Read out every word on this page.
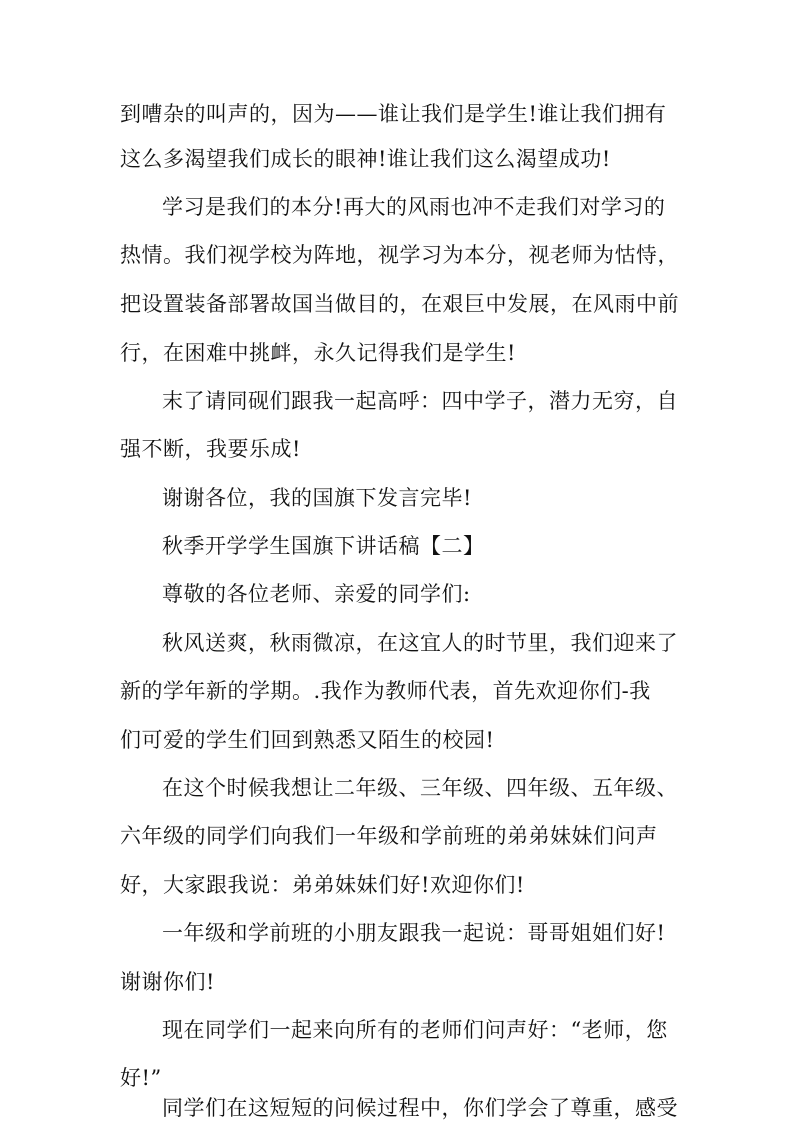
到嘈杂的叫声的，因为——谁让我们是学生!谁让我们拥有
这么多渴望我们成长的眼神!谁让我们这么渴望成功!
学习是我们的本分!再大的风雨也冲不走我们对学习的
热情。我们视学校为阵地，视学习为本分，视老师为怙恃，
把设置装备部署故国当做目的，在艰巨中发展，在风雨中前
行，在困难中挑衅，永久记得我们是学生!
末了请同砚们跟我一起高呼：四中学子，潜力无穷，自
强不断，我要乐成!
谢谢各位，我的国旗下发言完毕!
秋季开学学生国旗下讲话稿【二】
尊敬的各位老师、亲爱的同学们:
秋风送爽，秋雨微凉，在这宜人的时节里，我们迎来了
新的学年新的学期。.我作为教师代表，首先欢迎你们-我
们可爱的学生们回到熟悉又陌生的校园!
在这个时候我想让二年级、三年级、四年级、五年级、
六年级的同学们向我们一年级和学前班的弟弟妹妹们问声
好，大家跟我说：弟弟妹妹们好!欢迎你们!
一年级和学前班的小朋友跟我一起说：哥哥姐姐们好!
谢谢你们!
现在同学们一起来向所有的老师们问声好：“老师，您
好!”
同学们在这短短的问候过程中，你们学会了尊重，感受
